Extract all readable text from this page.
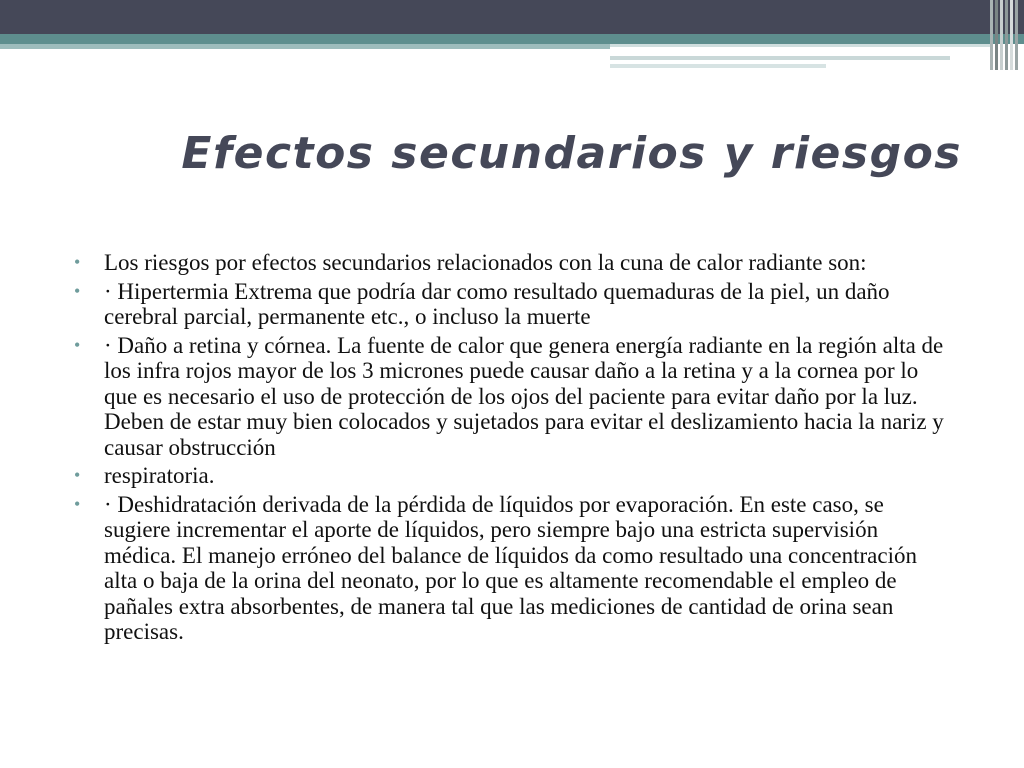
Efectos secundarios y riesgos
• Los riesgos por efectos secundarios relacionados con la cuna de calor radiante son:
• · Hipertermia Extrema que podría dar como resultado quemaduras de la piel, un daño cerebral parcial, permanente etc., o incluso la muerte
• · Daño a retina y córnea. La fuente de calor que genera energía radiante en la región alta de los infra rojos mayor de los 3 micrones puede causar daño a la retina y a la cornea por lo que es necesario el uso de protección de los ojos del paciente para evitar daño por la luz. Deben de estar muy bien colocados y sujetados para evitar el deslizamiento hacia la nariz y causar obstrucción
• respiratoria.
• · Deshidratación derivada de la pérdida de líquidos por evaporación. En este caso, se sugiere incrementar el aporte de líquidos, pero siempre bajo una estricta supervisión médica. El manejo erróneo del balance de líquidos da como resultado una concentración alta o baja de la orina del neonato, por lo que es altamente recomendable el empleo de pañales extra absorbentes, de manera tal que las mediciones de cantidad de orina sean precisas.
